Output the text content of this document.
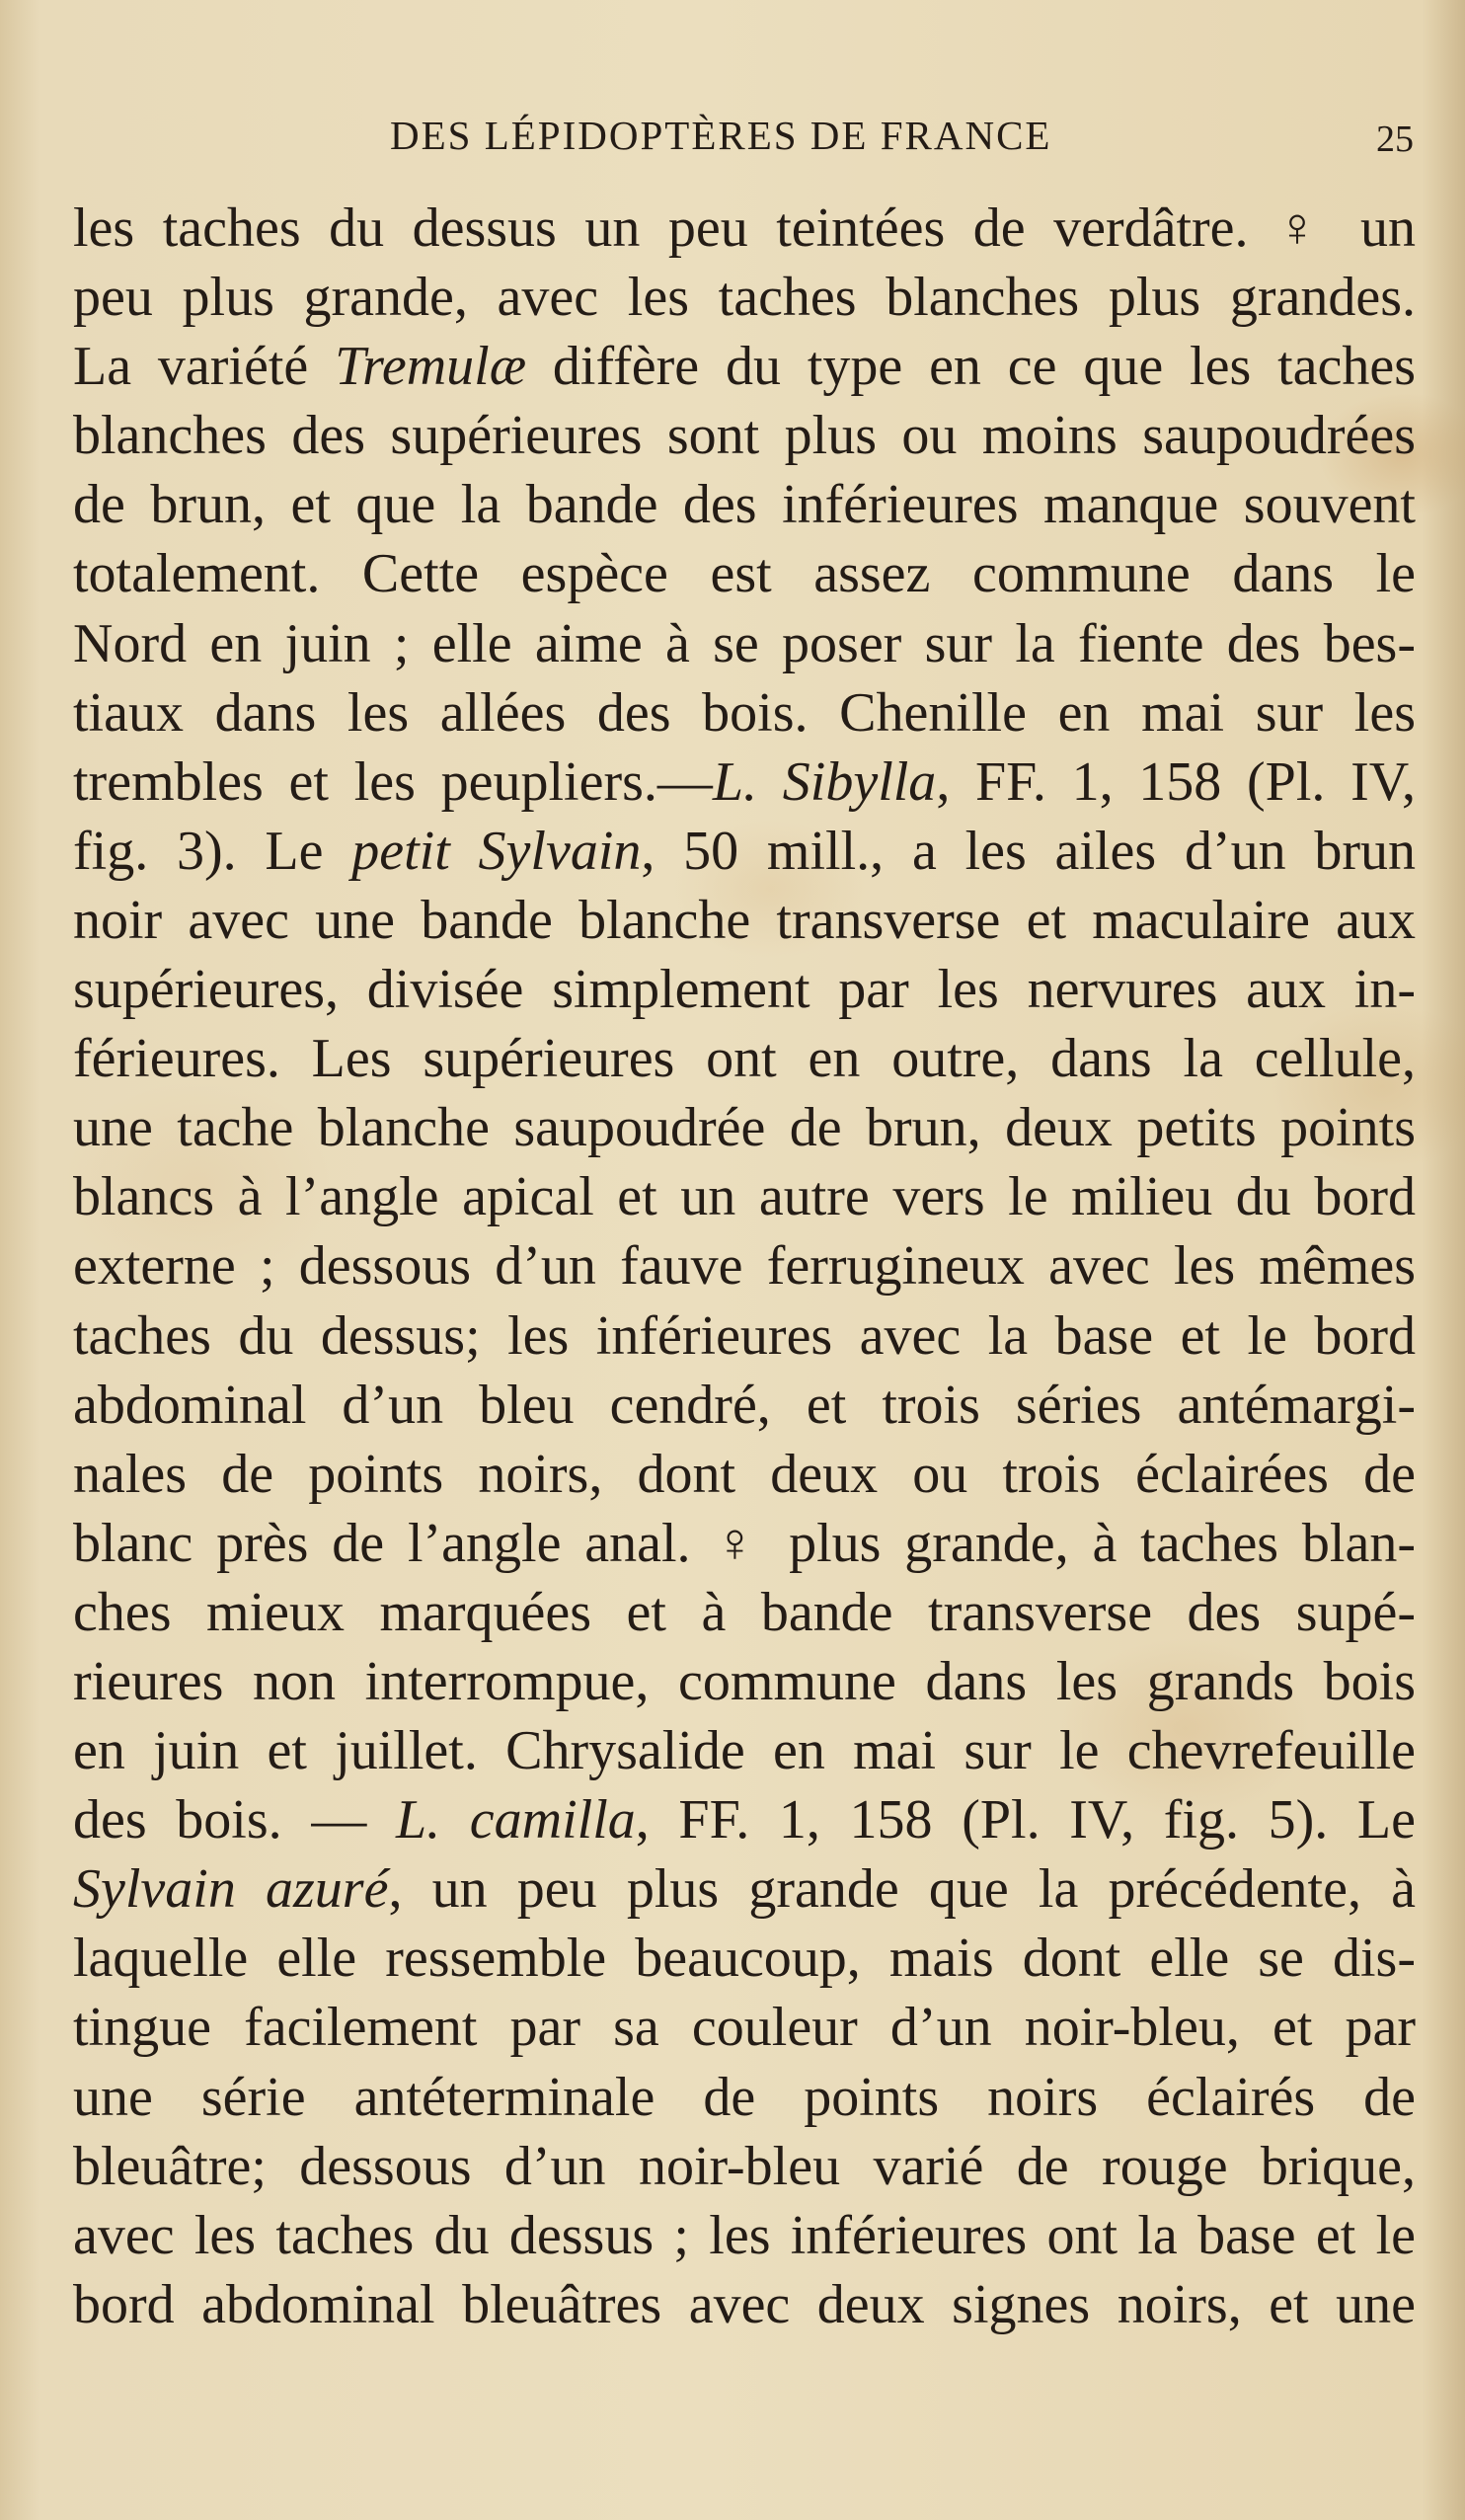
DES LÉPIDOPTÈRES DE FRANCE	25
les taches du dessus un peu teintées de verdâtre. ♀ un
peu plus grande, avec les taches blanches plus grandes.
La variété Tremulæ diffère du type en ce que les taches
blanches des supérieures sont plus ou moins saupoudrées
de brun, et que la bande des inférieures manque souvent
totalement. Cette espèce est assez commune dans le
Nord en juin ; elle aime à se poser sur la fiente des bes-
tiaux dans les allées des bois. Chenille en mai sur les
trembles et les peupliers.—L. Sibylla, FF. 1, 158 (Pl. IV,
fig. 3). Le petit Sylvain, 50 mill., a les ailes d’un brun
noir avec une bande blanche transverse et maculaire aux
supérieures, divisée simplement par les nervures aux in-
férieures. Les supérieures ont en outre, dans la cellule,
une tache blanche saupoudrée de brun, deux petits points
blancs à l’angle apical et un autre vers le milieu du bord
externe ; dessous d’un fauve ferrugineux avec les mêmes
taches du dessus; les inférieures avec la base et le bord
abdominal d’un bleu cendré, et trois séries antémargi-
nales de points noirs, dont deux ou trois éclairées de
blanc près de l’angle anal. ♀ plus grande, à taches blan-
ches mieux marquées et à bande transverse des supé-
rieures non interrompue, commune dans les grands bois
en juin et juillet. Chrysalide en mai sur le chevrefeuille
des bois. — L. camilla, FF. 1, 158 (Pl. IV, fig. 5). Le
Sylvain azuré, un peu plus grande que la précédente, à
laquelle elle ressemble beaucoup, mais dont elle se dis-
tingue facilement par sa couleur d’un noir-bleu, et par
une série antéterminale de points noirs éclairés de
bleuâtre; dessous d’un noir-bleu varié de rouge brique,
avec les taches du dessus ; les inférieures ont la base et le
bord abdominal bleuâtres avec deux signes noirs, et une
